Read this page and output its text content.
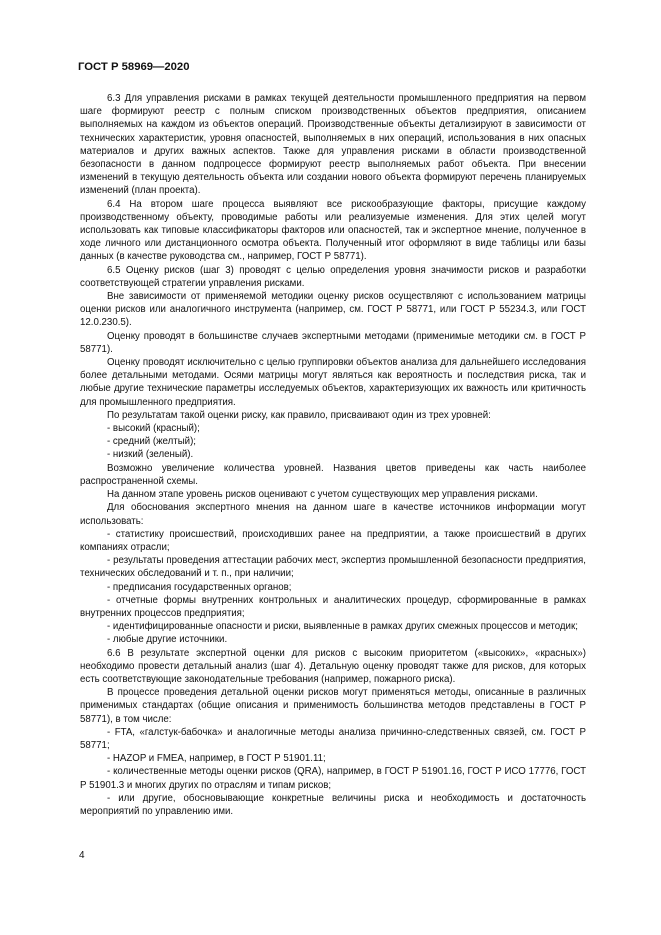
ГОСТ Р 58969—2020

6.3 Для управления рисками в рамках текущей деятельности промышленного предприятия на первом шаге формируют реестр с полным списком производственных объектов предприятия, описанием выполняемых на каждом из объектов операций. Производственные объекты детализируют в зависимости от технических характеристик, уровня опасностей, выполняемых в них операций, использования в них опасных материалов и других важных аспектов. Также для управления рисками в области производственной безопасности в данном подпроцессе формируют реестр выполняемых работ объекта. При внесении изменений в текущую деятельность объекта или создании нового объекта формируют перечень планируемых изменений (план проекта).

6.4 На втором шаге процесса выявляют все рискообразующие факторы, присущие каждому производственному объекту, проводимые работы или реализуемые изменения. Для этих целей могут использовать как типовые классификаторы факторов или опасностей, так и экспертное мнение, полученное в ходе личного или дистанционного осмотра объекта. Полученный итог оформляют в виде таблицы или базы данных (в качестве руководства см., например, ГОСТ Р 58771).

6.5 Оценку рисков (шаг 3) проводят с целью определения уровня значимости рисков и разработки соответствующей стратегии управления рисками.

Вне зависимости от применяемой методики оценку рисков осуществляют с использованием матрицы оценки рисков или аналогичного инструмента (например, см. ГОСТ Р 58771, или ГОСТ Р 55234.3, или ГОСТ 12.0.230.5).

Оценку проводят в большинстве случаев экспертными методами (применимые методики см. в ГОСТ Р 58771).

Оценку проводят исключительно с целью группировки объектов анализа для дальнейшего исследования более детальными методами. Осями матрицы могут являться как вероятность и последствия риска, так и любые другие технические параметры исследуемых объектов, характеризующих их важность или критичность для промышленного предприятия.

По результатам такой оценки риску, как правило, присваивают один из трех уровней:

- высокий (красный);

- средний (желтый);

- низкий (зеленый).

Возможно увеличение количества уровней. Названия цветов приведены как часть наиболее распространенной схемы.

На данном этапе уровень рисков оценивают с учетом существующих мер управления рисками.

Для обоснования экспертного мнения на данном шаге в качестве источников информации могут использовать:

- статистику происшествий, происходивших ранее на предприятии, а также происшествий в других компаниях отрасли;

- результаты проведения аттестации рабочих мест, экспертиз промышленной безопасности предприятия, технических обследований и т. п., при наличии;

- предписания государственных органов;

- отчетные формы внутренних контрольных и аналитических процедур, сформированные в рамках внутренних процессов предприятия;

- идентифицированные опасности и риски, выявленные в рамках других смежных процессов и методик;

- любые другие источники.

6.6 В результате экспертной оценки для рисков с высоким приоритетом («высоких», «красных») необходимо провести детальный анализ (шаг 4). Детальную оценку проводят также для рисков, для которых есть соответствующие законодательные требования (например, пожарного риска).

В процессе проведения детальной оценки рисков могут применяться методы, описанные в различных применимых стандартах (общие описания и применимость большинства методов представлены в ГОСТ Р 58771), в том числе:

- FTA, «галстук-бабочка» и аналогичные методы анализа причинно-следственных связей, см. ГОСТ Р 58771;

- HAZOP и FMEA, например, в ГОСТ Р 51901.11;

- количественные методы оценки рисков (QRA), например, в ГОСТ Р 51901.16, ГОСТ Р ИСО 17776, ГОСТ Р 51901.3 и многих других по отраслям и типам рисков;

- или другие, обосновывающие конкретные величины риска и необходимость и достаточность мероприятий по управлению ими.

4
